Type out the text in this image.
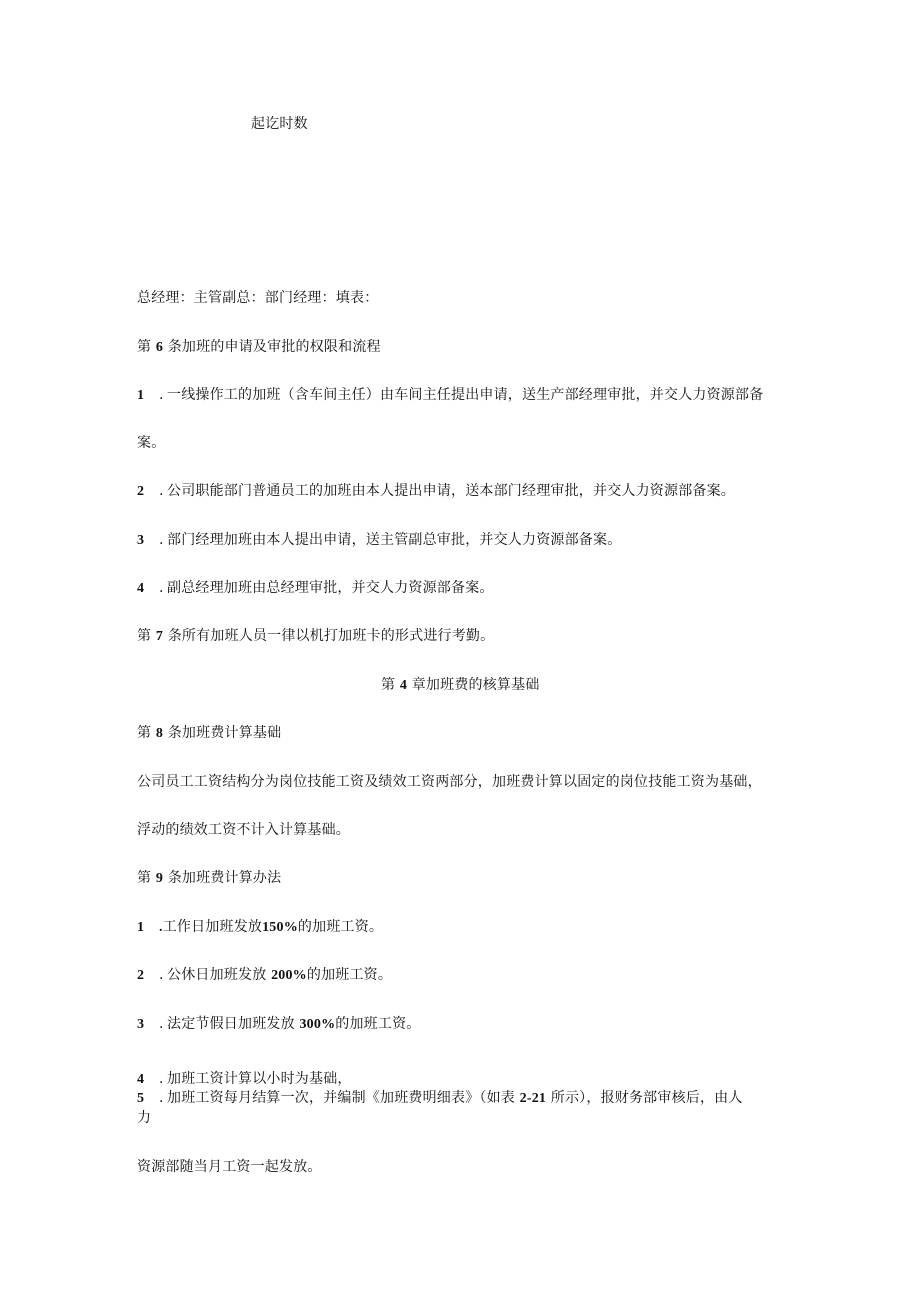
起讫时数
总经理：主管副总：部门经理：填表：
第 6 条加班的申请及审批的权限和流程
1 . 一线操作工的加班（含车间主任）由车间主任提出申请，送生产部经理审批，并交人力资源部备
案。
2 . 公司职能部门普通员工的加班由本人提出申请，送本部门经理审批，并交人力资源部备案。
3 . 部门经理加班由本人提出申请，送主管副总审批，并交人力资源部备案。
4 . 副总经理加班由总经理审批，并交人力资源部备案。
第 7 条所有加班人员一律以机打加班卡的形式进行考勤。
第 4 章加班费的核算基础
第 8 条加班费计算基础
公司员工工资结构分为岗位技能工资及绩效工资两部分，加班费计算以固定的岗位技能工资为基础，
浮动的绩效工资不计入计算基础。
第 9 条加班费计算办法
1 .工作日加班发放150%的加班工资。
2 . 公休日加班发放 200%的加班工资。
3 . 法定节假日加班发放 300%的加班工资。
4 . 加班工资计算以小时为基础，
5 . 加班工资每月结算一次，并编制《加班费明细表》（如表 2-21 所示），报财务部审核后，由人
力
资源部随当月工资一起发放。
